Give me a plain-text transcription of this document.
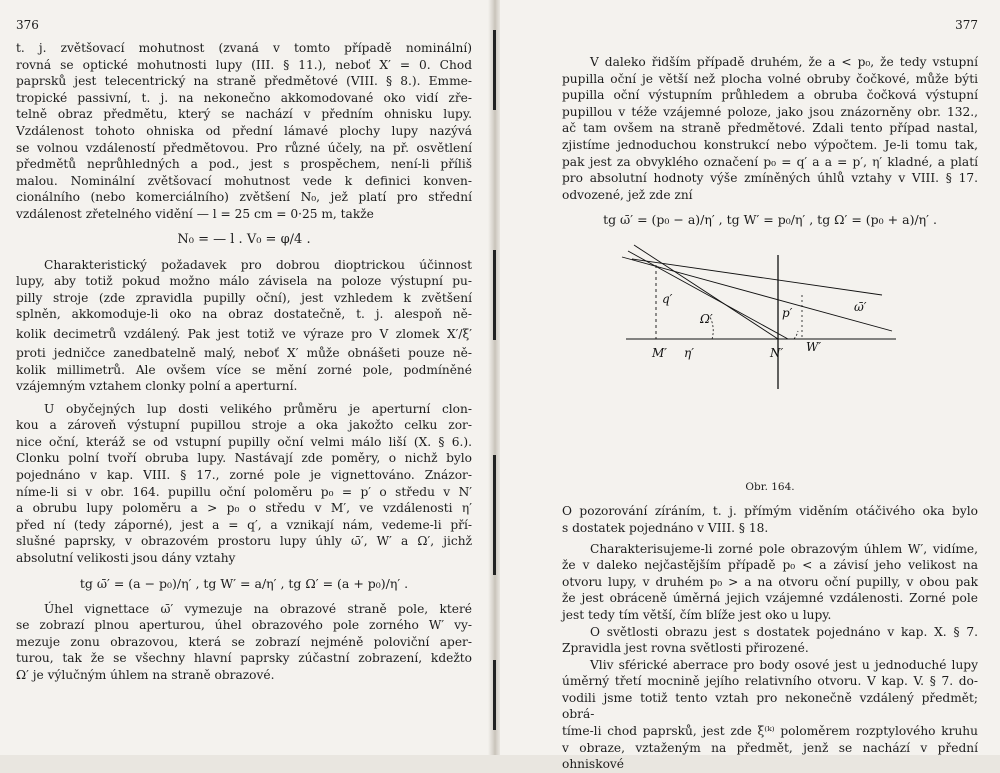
376
t. j. zvětšovací mohutnost (zvaná v tomto případě nominální)
rovná se optické mohutnosti lupy (III. § 11.), neboť X′ = 0. Chod
paprsků jest telecentrický na straně předmětové (VIII. § 8.). Emme-
tropické passivní, t. j. na nekonečno akkomodované oko vidí zře-
telně obraz předmětu, který se nachází v předním ohnisku lupy.
Vzdálenost tohoto ohniska od přední lámavé plochy lupy nazývá
se volnou vzdáleností předmětovou. Pro různé účely, na př. osvětlení
předmětů neprůhledných a pod., jest s prospěchem, není-li příliš
malou. Nominální zvětšovací mohutnost vede k definici konven-
cionálního (nebo komerciálního) zvětšení N₀, jež platí pro střední
vzdálenost zřetelného vidění — l = 25 cm = 0·25 m, takže
N₀ = — l . V₀ = φ/4 .
Charakteristický požadavek pro dobrou dioptrickou účinnost
lupy, aby totiž pokud možno málo závisela na poloze výstupní pu-
pilly stroje (zde zpravidla pupilly oční), jest vzhledem k zvětšení
splněn, akkomoduje-li oko na obraz dostatečně, t. j. alespoň ně-
kolik decimetrů vzdálený. Pak jest totiž ve výraze pro V zlomek X′/ξ′
proti jedničce zanedbatelně malý, neboť X′ může obnášeti pouze ně-
kolik millimetrů. Ale ovšem více se mění zorné pole, podmíněné
vzájemným vztahem clonky polní a aperturní.
U obyčejných lup dosti velikého průměru je aperturní clon-
kou a zároveň výstupní pupillou stroje a oka jakožto celku zor-
nice oční, kteráž se od vstupní pupilly oční velmi málo liší (X. § 6.).
Clonku polní tvoří obruba lupy. Nastávají zde poměry, o nichž bylo
pojednáno v kap. VIII. § 17., zorné pole je vignettováno. Znázor-
níme-li si v obr. 164. pupillu oční poloměru p₀ = p′ o středu v N′
a obrubu lupy poloměru a > p₀ o středu v M′, ve vzdálenosti η′
před ní (tedy záporné), jest a = q′, a vznikají nám, vedeme-li pří-
slušné paprsky, v obrazovém prostoru lupy úhly ω̄′, W′ a Ω′, jichž
absolutní velikosti jsou dány vztahy
tg ω̄′ = (a − p₀)/η′ , tg W′ = a/η′ , tg Ω′ = (a + p₀)/η′ .
Úhel vignettace ω̄′ vymezuje na obrazové straně pole, které
se zobrazí plnou aperturou, úhel obrazového pole zorného W′ vy-
mezuje zonu obrazovou, která se zobrazí nejméně poloviční aper-
turou, tak že se všechny hlavní paprsky zúčastní zobrazení, kdežto
Ω′ je výlučným úhlem na straně obrazové.
377
V daleko řidším případě druhém, že a < p₀, že tedy vstupní
pupilla oční je větší než plocha volné obruby čočkové, může býti
pupilla oční výstupním průhledem a obruba čočková výstupní
pupillou v téže vzájemné poloze, jako jsou znázorněny obr. 132.,
ač tam ovšem na straně předmětové. Zdali tento případ nastal,
zjistíme jednoduchou konstrukcí nebo výpočtem. Je-li tomu tak,
pak jest za obvyklého označení p₀ = q′ a a = p′, η′ kladné, a platí
pro absolutní hodnoty výše zmíněných úhlů vztahy v VIII. § 17.
odvozené, jež zde zní
tg ω̄′ = (p₀ − a)/η′ , tg W′ = p₀/η′ , tg Ω′ = (p₀ + a)/η′ .
q′
p′
Ω′
ω̄′
M′ η′	N′ W′
Obr. 164.
O pozorování zíráním, t. j. přímým viděním otáčivého oka bylo
s dostatek pojednáno v VIII. § 18.
Charakterisujeme-li zorné pole obrazovým úhlem W′, vidíme,
že v daleko nejčastějším případě p₀ < a závisí jeho velikost na
otvoru lupy, v druhém p₀ > a na otvoru oční pupilly, v obou pak
že jest obráceně úměrná jejich vzájemné vzdálenosti. Zorné pole
jest tedy tím větší, čím blíže jest oko u lupy.
O světlosti obrazu jest s dostatek pojednáno v kap. X. § 7.
Zpravidla jest rovna světlosti přirozené.
Vliv sférické aberrace pro body osové jest u jednoduché lupy
úměrný třetí mocnině jejího relativního otvoru. V kap. V. § 7. do-
vodili jsme totiž tento vztah pro nekonečně vzdálený předmět; obrá-
tíme-li chod paprsků, jest zde ξ⁽ᵏ⁾ poloměrem rozptylového kruhu
v obraze, vztaženým na předmět, jenž se nachází v přední ohniskové
